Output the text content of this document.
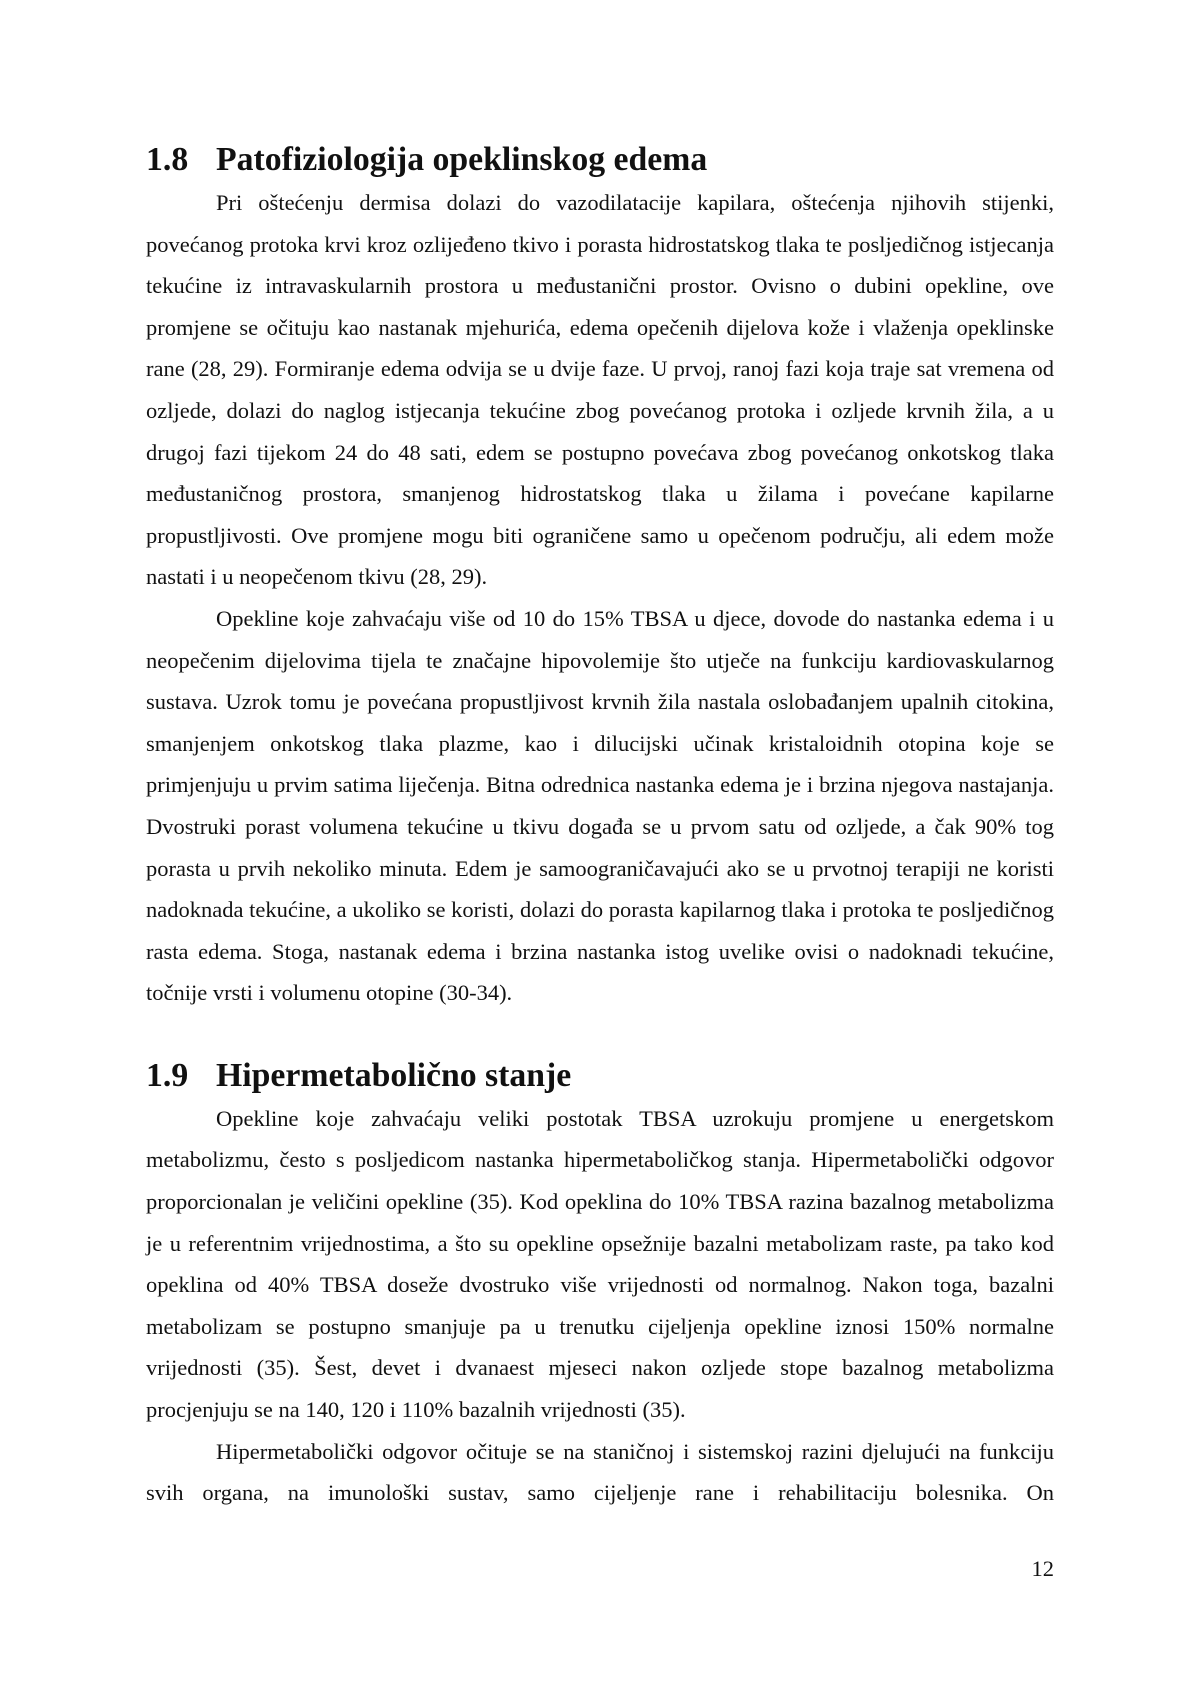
1.8 Patofiziologija opeklinskog edema

Pri oštećenju dermisa dolazi do vazodilatacije kapilara, oštećenja njihovih stijenki, povećanog protoka krvi kroz ozlijeđeno tkivo i porasta hidrostatskog tlaka te posljedičnog istjecanja tekućine iz intravaskularnih prostora u međustanični prostor. Ovisno o dubini opekline, ove promjene se očituju kao nastanak mjehurića, edema opečenih dijelova kože i vlaženja opeklinske rane (28, 29). Formiranje edema odvija se u dvije faze. U prvoj, ranoj fazi koja traje sat vremena od ozljede, dolazi do naglog istjecanja tekućine zbog povećanog protoka i ozljede krvnih žila, a u drugoj fazi tijekom 24 do 48 sati, edem se postupno povećava zbog povećanog onkotskog tlaka međustaničnog prostora, smanjenog hidrostatskog tlaka u žilama i povećane kapilarne propustljivosti. Ove promjene mogu biti ograničene samo u opečenom području, ali edem može nastati i u neopečenom tkivu (28, 29).

Opekline koje zahvaćaju više od 10 do 15% TBSA u djece, dovode do nastanka edema i u neopečenim dijelovima tijela te značajne hipovolemije što utječe na funkciju kardiovaskularnog sustava. Uzrok tomu je povećana propustljivost krvnih žila nastala oslobađanjem upalnih citokina, smanjenjem onkotskog tlaka plazme, kao i dilucijski učinak kristaloidnih otopina koje se primjenjuju u prvim satima liječenja. Bitna odrednica nastanka edema je i brzina njegova nastajanja. Dvostruki porast volumena tekućine u tkivu događa se u prvom satu od ozljede, a čak 90% tog porasta u prvih nekoliko minuta. Edem je samoograničavajući ako se u prvotnoj terapiji ne koristi nadoknada tekućine, a ukoliko se koristi, dolazi do porasta kapilarnog tlaka i protoka te posljedičnog rasta edema. Stoga, nastanak edema i brzina nastanka istog uvelike ovisi o nadoknadi tekućine, točnije vrsti i volumenu otopine (30-34).

1.9 Hipermetabolično stanje

Opekline koje zahvaćaju veliki postotak TBSA uzrokuju promjene u energetskom metabolizmu, često s posljedicom nastanka hipermetaboličkog stanja. Hipermetabolički odgovor proporcionalan je veličini opekline (35). Kod opeklina do 10% TBSA razina bazalnog metabolizma je u referentnim vrijednostima, a što su opekline opsežnije bazalni metabolizam raste, pa tako kod opeklina od 40% TBSA doseže dvostruko više vrijednosti od normalnog. Nakon toga, bazalni metabolizam se postupno smanjuje pa u trenutku cijeljenja opekline iznosi 150% normalne vrijednosti (35). Šest, devet i dvanaest mjeseci nakon ozljede stope bazalnog metabolizma procjenjuju se na 140, 120 i 110% bazalnih vrijednosti (35).

Hipermetabolički odgovor očituje se na staničnoj i sistemskoj razini djelujući na funkciju svih organa, na imunološki sustav, samo cijeljenje rane i rehabilitaciju bolesnika. On

12
